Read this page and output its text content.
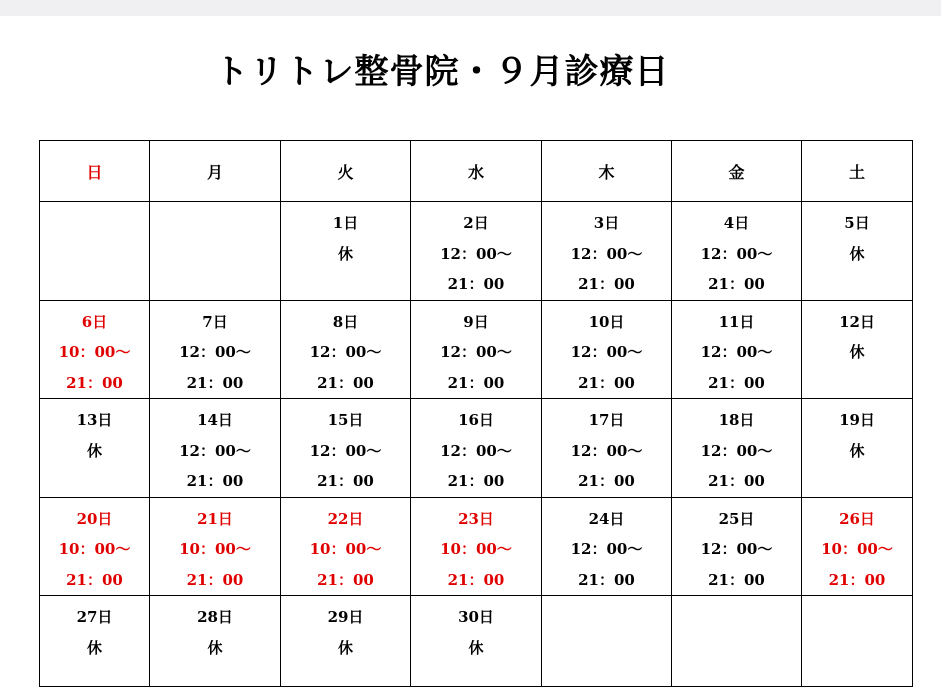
トリトレ整骨院・９月診療日
日	月	火	水	木	金	土

		1日
休	2日
12：00～
21：00	3日
12：00～
21：00	4日
12：00～
21：00	5日
休

6日
10：00～
21：00	7日
12：00～
21：00	8日
12：00～
21：00	9日
12：00～
21：00	10日
12：00～
21：00	11日
12：00～
21：00	12日
休

13日
休	14日
12：00～
21：00	15日
12：00～
21：00	16日
12：00～
21：00	17日
12：00～
21：00	18日
12：00～
21：00	19日
休

20日
10：00～
21：00	21日
10：00～
21：00	22日
10：00～
21：00	23日
10：00～
21：00	24日
12：00～
21：00	25日
12：00～
21：00	26日
10：00～
21：00

27日
休	28日
休	29日
休	30日
休			
